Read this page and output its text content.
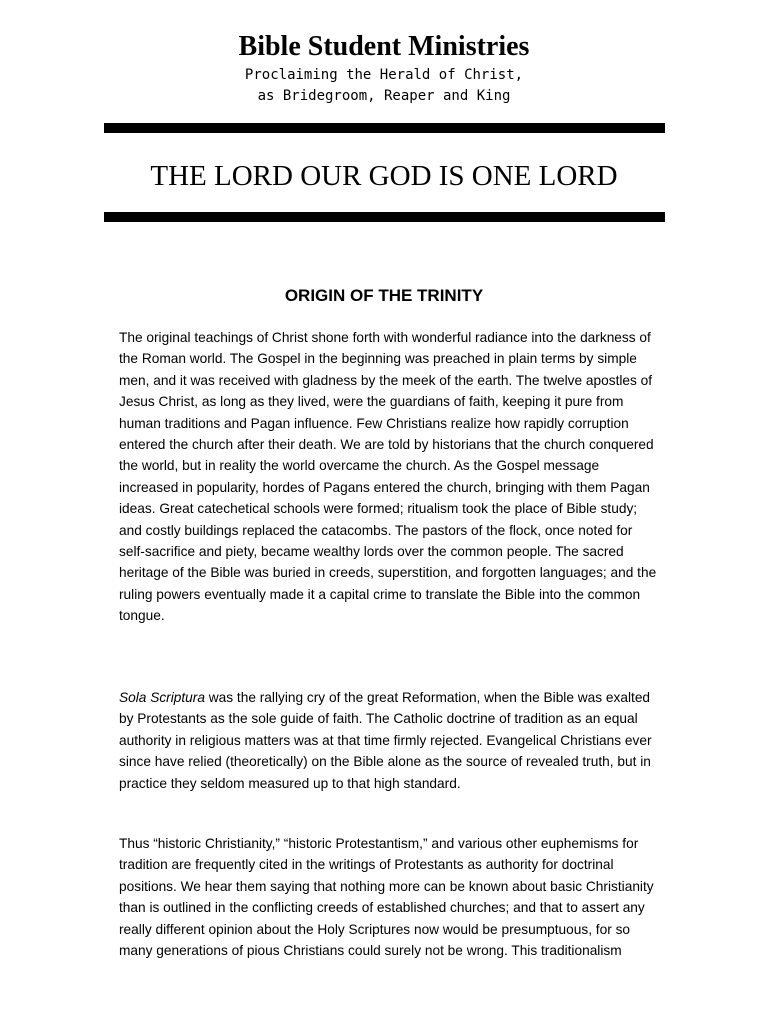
Bible Student Ministries
Proclaiming the Herald of Christ,
as Bridegroom, Reaper and King
THE LORD OUR GOD IS ONE LORD
ORIGIN OF THE TRINITY

The original teachings of Christ shone forth with wonderful radiance into the darkness of the Roman world. The Gospel in the beginning was preached in plain terms by simple men, and it was received with gladness by the meek of the earth. The twelve apostles of Jesus Christ, as long as they lived, were the guardians of faith, keeping it pure from human traditions and Pagan influence. Few Christians realize how rapidly corruption entered the church after their death. We are told by historians that the church conquered the world, but in reality the world overcame the church. As the Gospel message increased in popularity, hordes of Pagans entered the church, bringing with them Pagan ideas. Great catechetical schools were formed; ritualism took the place of Bible study; and costly buildings replaced the catacombs. The pastors of the flock, once noted for self-sacrifice and piety, became wealthy lords over the common people. The sacred heritage of the Bible was buried in creeds, superstition, and forgotten languages; and the ruling powers eventually made it a capital crime to translate the Bible into the common tongue.

Sola Scriptura was the rallying cry of the great Reformation, when the Bible was exalted by Protestants as the sole guide of faith. The Catholic doctrine of tradition as an equal authority in religious matters was at that time firmly rejected. Evangelical Christians ever since have relied (theoretically) on the Bible alone as the source of revealed truth, but in practice they seldom measured up to that high standard.

Thus “historic Christianity,” “historic Protestantism,” and various other euphemisms for tradition are frequently cited in the writings of Protestants as authority for doctrinal positions. We hear them saying that nothing more can be known about basic Christianity than is outlined in the conflicting creeds of established churches; and that to assert any really different opinion about the Holy Scriptures now would be presumptuous, for so many generations of pious Christians could surely not be wrong. This traditionalism
